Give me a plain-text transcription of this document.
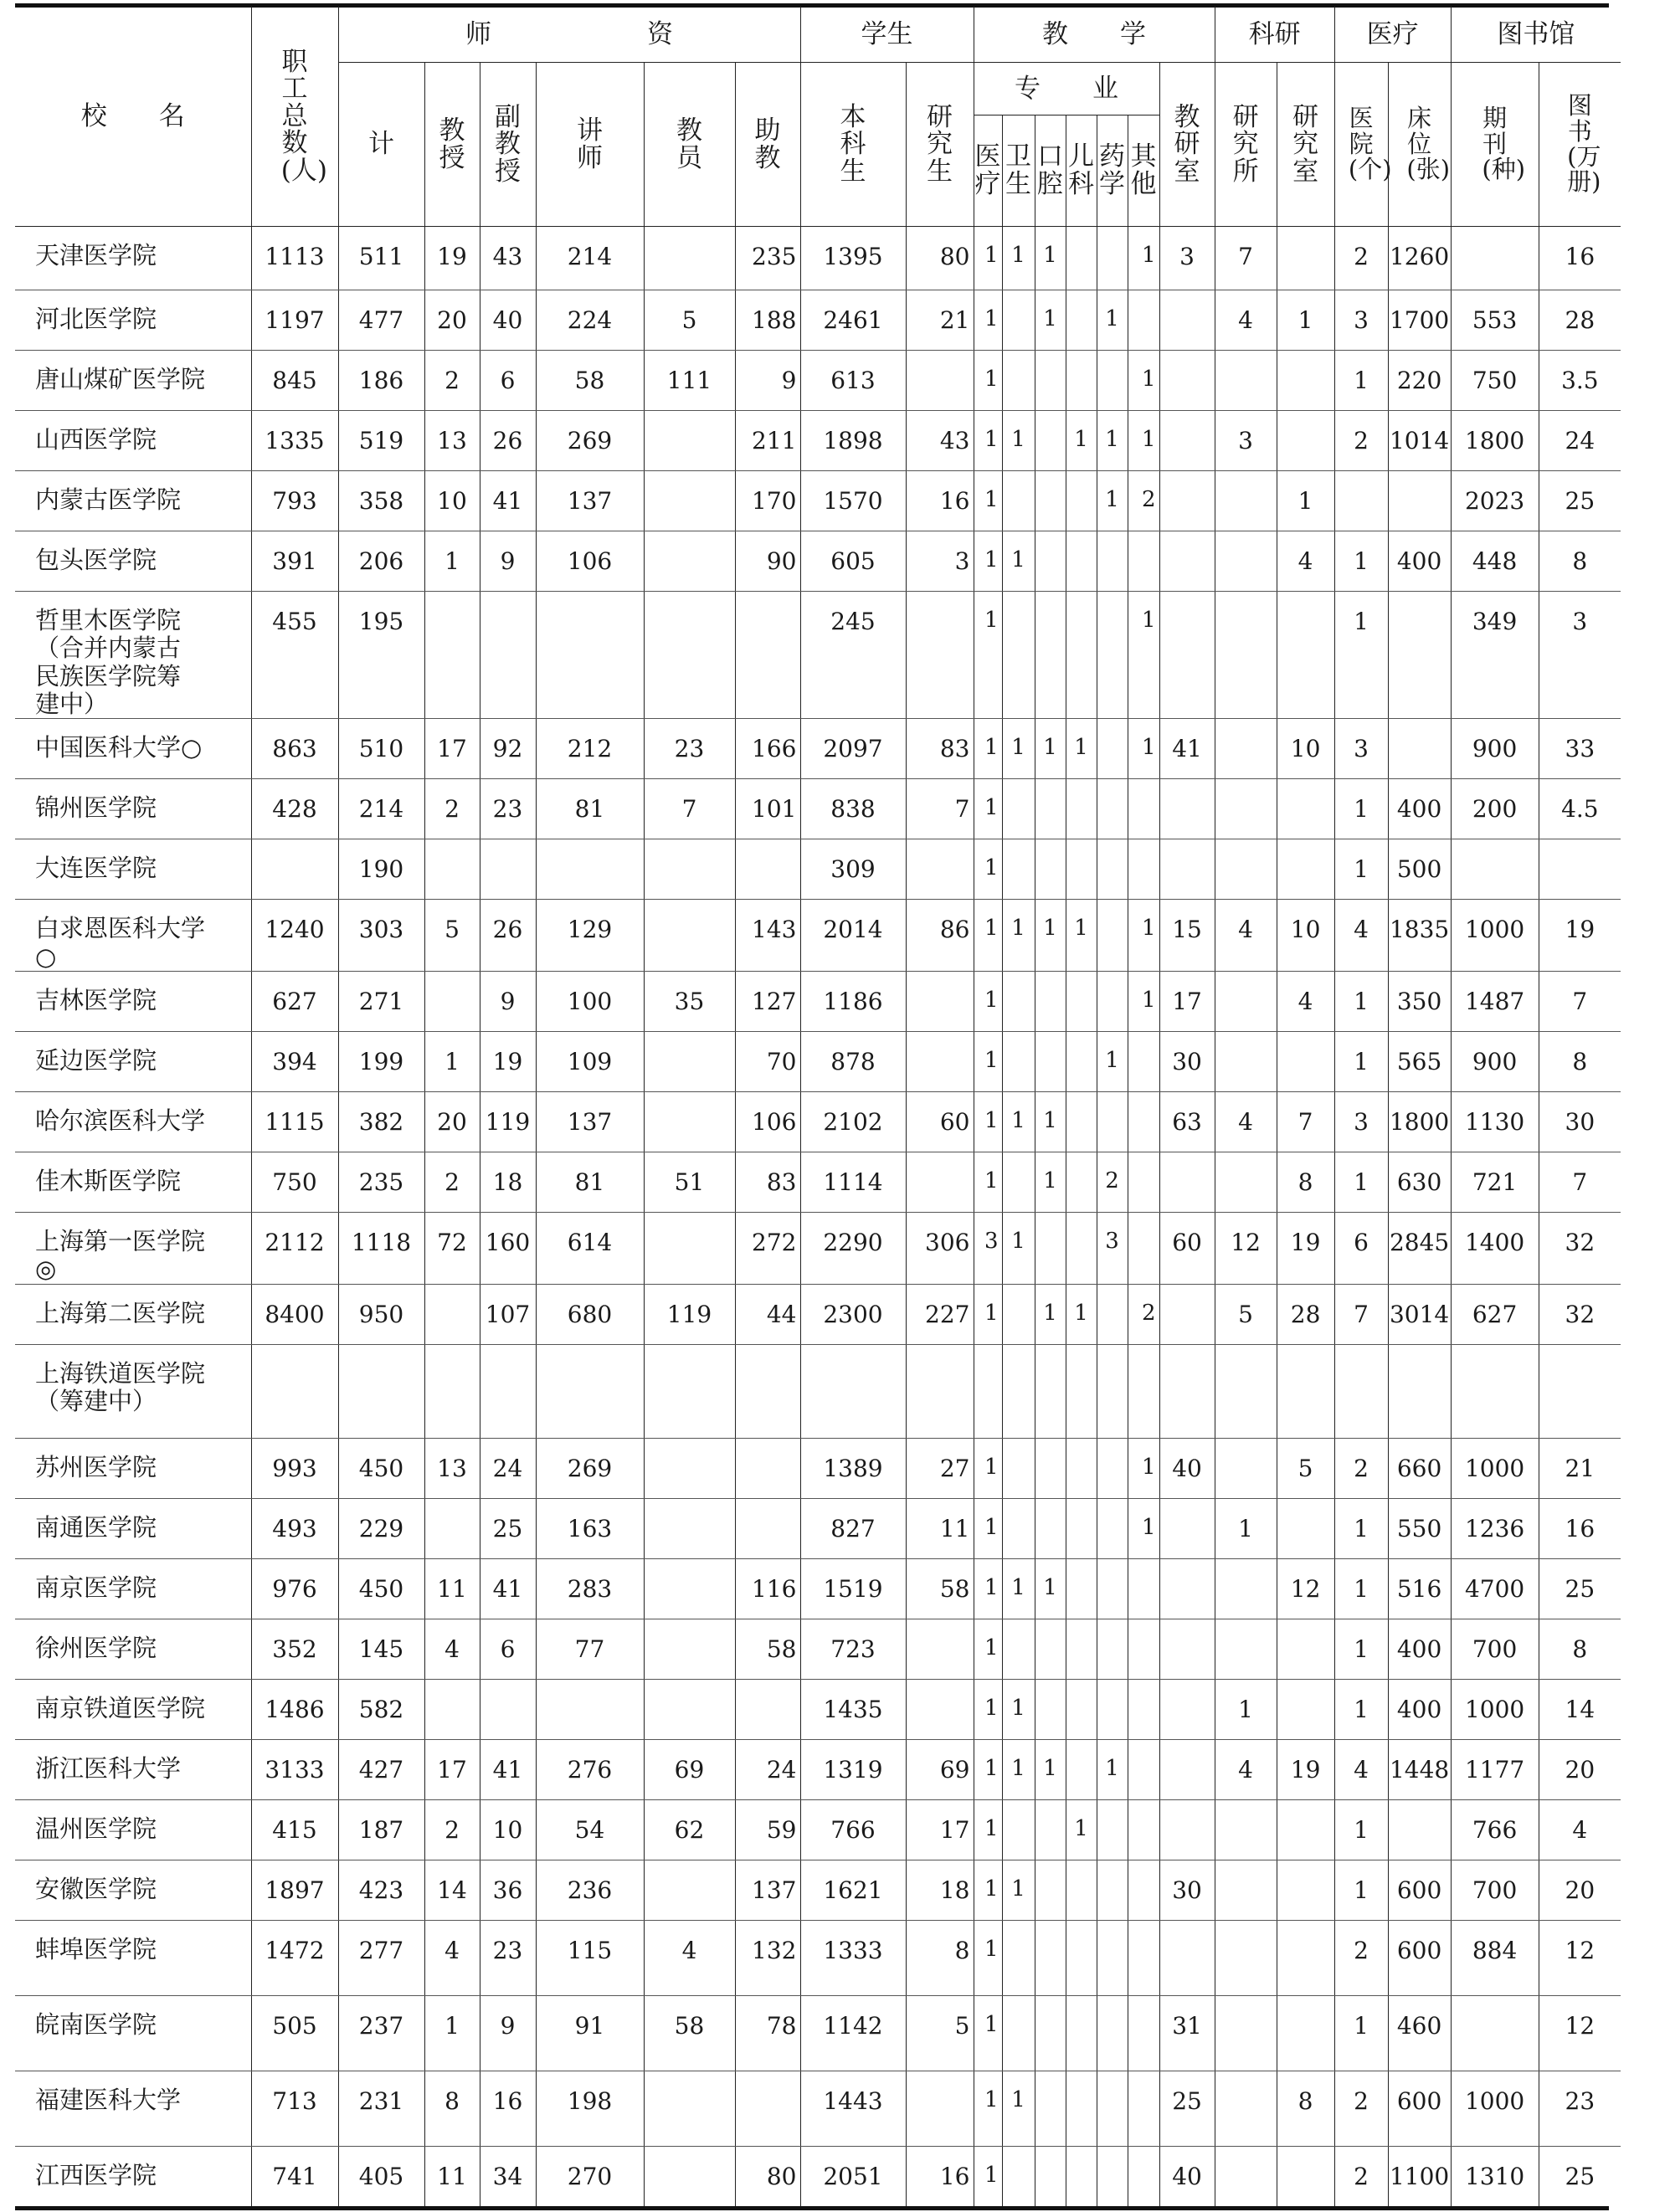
校　　名	职工总数(人)	师　　　　　　资						学生		教　　学							科研		医疗		图书馆	
		计	教授	副教授	讲师	教员	助教	本科生	研究生	专　　业						教研室	研究所	研究室	医院(个)	床位(张)	期刊(种)	图书(万册)
										医疗	卫生	口腔	儿科	药学	其他							
天津医学院	1113	511	19	43	214		235	1395	80	1	1	1			1	3	7		2	1260		16
河北医学院	1197	477	20	40	224	5	188	2461	21	1		1		1			4	1	3	1700	553	28
唐山煤矿医学院	845	186	2	6	58	111	9	613		1					1				1	220	750	3.5
山西医学院	1335	519	13	26	269		211	1898	43	1	1		1	1	1		3		2	1014	1800	24
内蒙古医学院	793	358	10	41	137		170	1570	16	1				1	2			1			2023	25
包头医学院	391	206	1	9	106		90	605	3	1	1							4	1	400	448	8
哲里木医学院
（合并内蒙古
民族医学院筹
建中）	455	195						245		1					1				1		349	3
中国医科大学○	863	510	17	92	212	23	166	2097	83	1	1	1	1		1	41		10	3		900	33
锦州医学院	428	214	2	23	81	7	101	838	7	1									1	400	200	4.5
大连医学院		190						309		1									1	500		
白求恩医科大学
○	1240	303	5	26	129		143	2014	86	1	1	1	1		1	15	4	10	4	1835	1000	19
吉林医学院	627	271		9	100	35	127	1186		1					1	17		4	1	350	1487	7
延边医学院	394	199	1	19	109		70	878		1				1		30			1	565	900	8
哈尔滨医科大学	1115	382	20	119	137		106	2102	60	1	1	1				63	4	7	3	1800	1130	30
佳木斯医学院	750	235	2	18	81	51	83	1114		1		1		2				8	1	630	721	7
上海第一医学院
◎	2112	1118	72	160	614		272	2290	306	3	1			3		60	12	19	6	2845	1400	32
上海第二医学院	8400	950		107	680	119	44	2300	227	1		1	1		2		5	28	7	3014	627	32
上海铁道医学院
（筹建中）																						
苏州医学院	993	450	13	24	269			1389	27	1					1	40		5	2	660	1000	21
南通医学院	493	229		25	163			827	11	1					1		1		1	550	1236	16
南京医学院	976	450	11	41	283		116	1519	58	1	1	1						12	1	516	4700	25
徐州医学院	352	145	4	6	77		58	723		1									1	400	700	8
南京铁道医学院	1486	582						1435		1	1						1		1	400	1000	14
浙江医科大学	3133	427	17	41	276	69	24	1319	69	1	1	1		1			4	19	4	1448	1177	20
温州医学院	415	187	2	10	54	62	59	766	17	1			1						1		766	4
安徽医学院	1897	423	14	36	236		137	1621	18	1	1					30			1	600	700	20
蚌埠医学院	1472	277	4	23	115	4	132	1333	8	1									2	600	884	12
皖南医学院	505	237	1	9	91	58	78	1142	5	1						31			1	460		12
福建医科大学	713	231	8	16	198			1443		1	1					25		8	2	600	1000	23
江西医学院	741	405	11	34	270		80	2051	16	1						40			2	1100	1310	25
